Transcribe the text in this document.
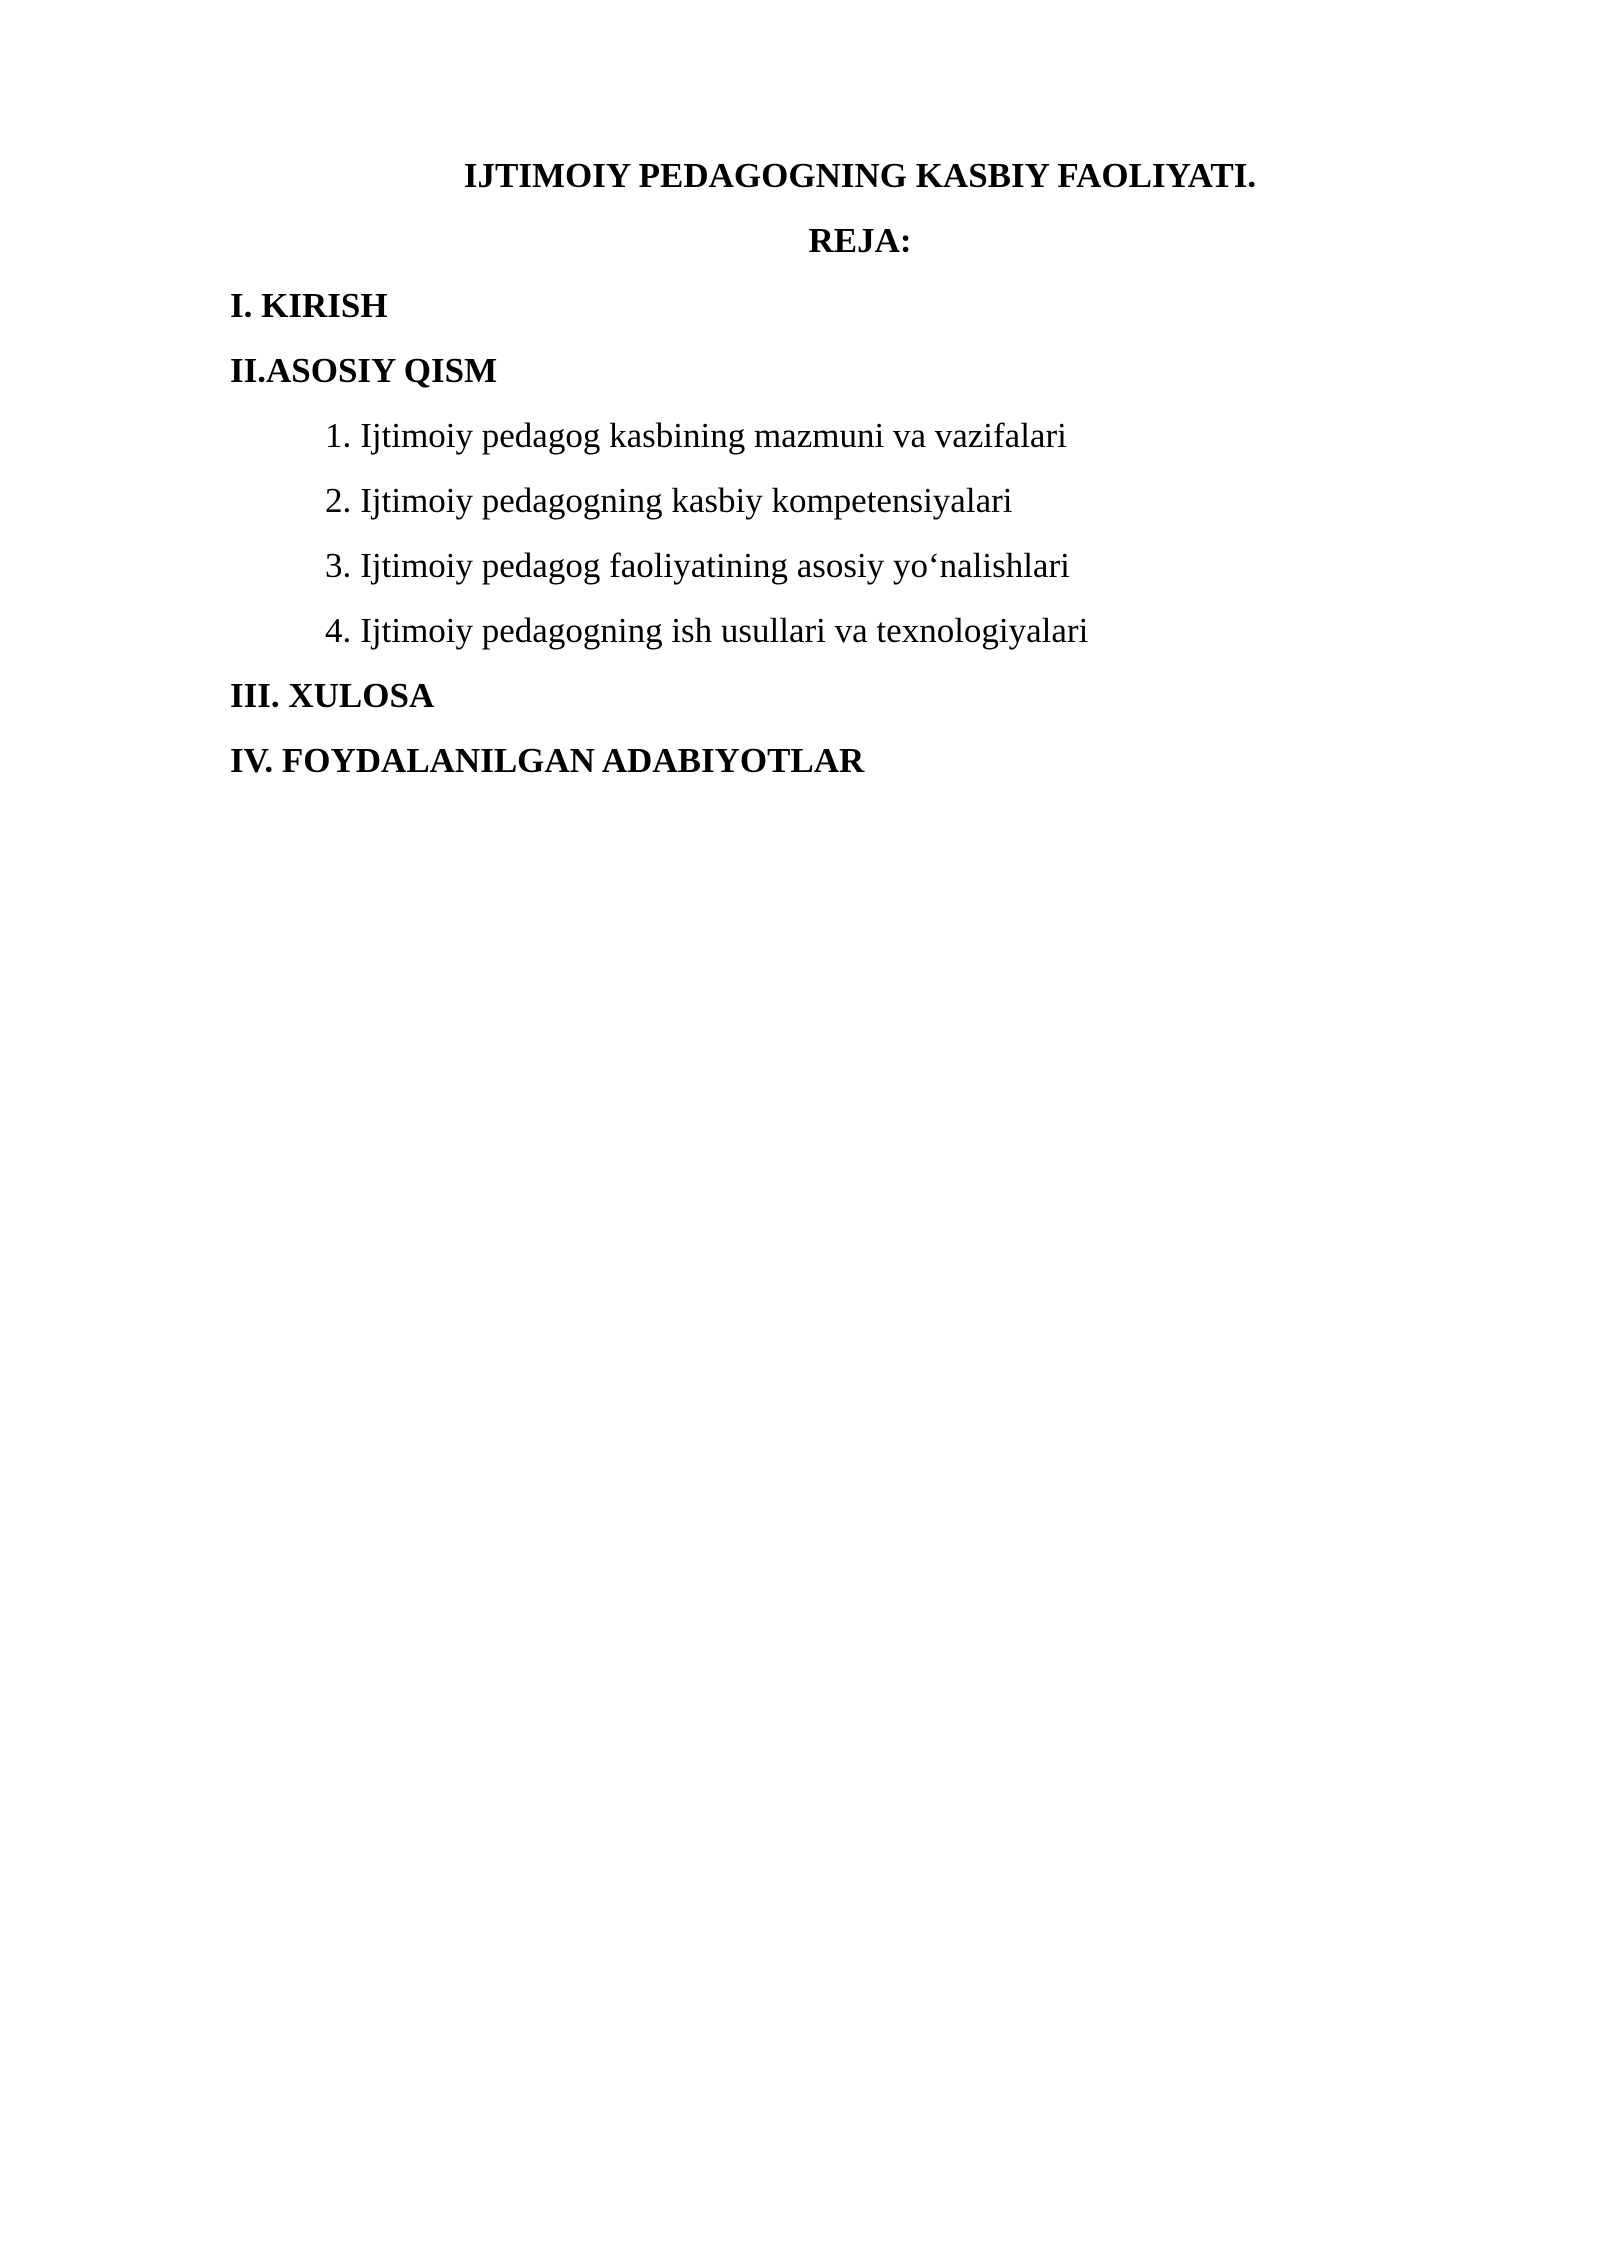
IJTIMOIY PEDAGOGNING KASBIY FAOLIYATI.
REJA:

I. KIRISH

II.ASOSIY QISM

1. Ijtimoiy pedagog kasbining mazmuni va vazifalari
2. Ijtimoiy pedagogning kasbiy kompetensiyalari
3. Ijtimoiy pedagog faoliyatining asosiy yo‘nalishlari
4. Ijtimoiy pedagogning ish usullari va texnologiyalari

III. XULOSA

IV. FOYDALANILGAN ADABIYOTLAR
